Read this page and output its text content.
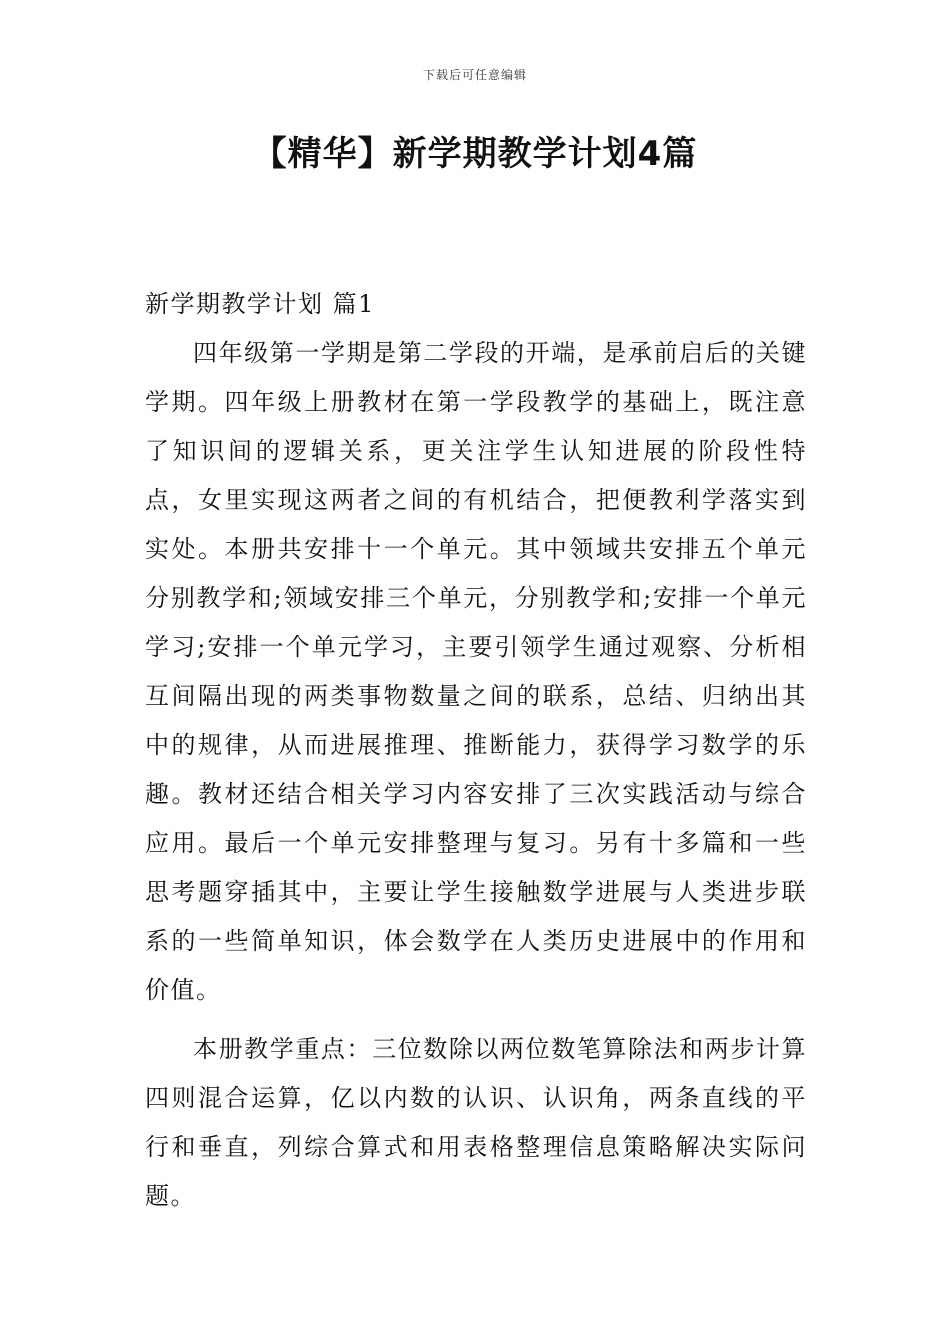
下载后可任意编辑
【精华】新学期教学计划4篇
新学期教学计划 篇1

四年级第一学期是第二学段的开端，是承前启后的关键学期。四年级上册教材在第一学段教学的基础上，既注意了知识间的逻辑关系，更关注学生认知进展的阶段性特点，女里实现这两者之间的有机结合，把便教利学落实到实处。本册共安排十一个单元。其中领域共安排五个单元分别教学和;领域安排三个单元，分别教学和;安排一个单元学习;安排一个单元学习，主要引领学生通过观察、分析相互间隔出现的两类事物数量之间的联系，总结、归纳出其中的规律，从而进展推理、推断能力，获得学习数学的乐趣。教材还结合相关学习内容安排了三次实践活动与综合应用。最后一个单元安排整理与复习。另有十多篇和一些思考题穿插其中，主要让学生接触数学进展与人类进步联系的一些简单知识，体会数学在人类历史进展中的作用和价值。

本册教学重点：三位数除以两位数笔算除法和两步计算四则混合运算，亿以内数的认识、认识角，两条直线的平行和垂直，列综合算式和用表格整理信息策略解决实际问题。
